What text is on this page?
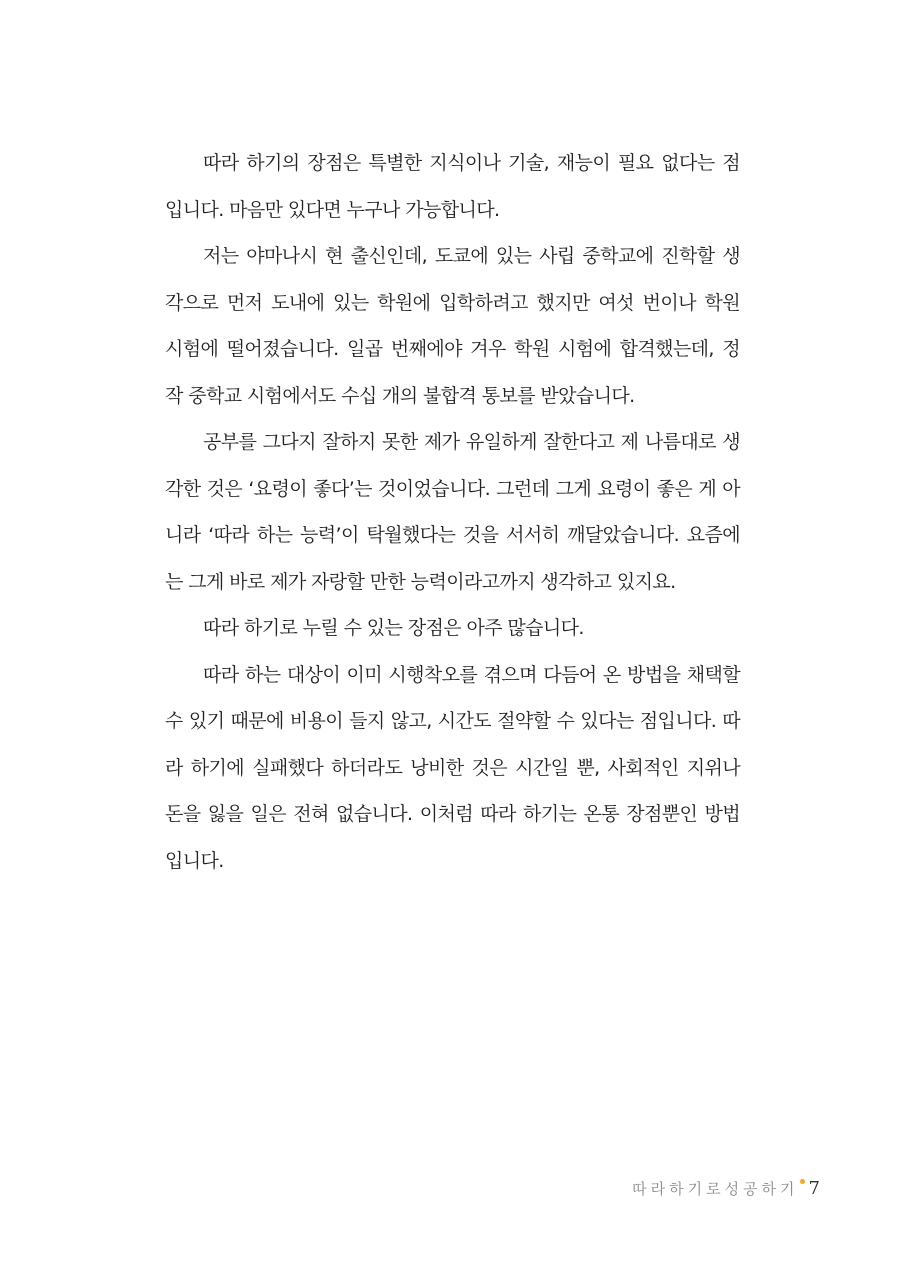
따라 하기의 장점은 특별한 지식이나 기술, 재능이 필요 없다는 점
입니다. 마음만 있다면 누구나 가능합니다.

저는 야마나시 현 출신인데, 도쿄에 있는 사립 중학교에 진학할 생
각으로 먼저 도내에 있는 학원에 입학하려고 했지만 여섯 번이나 학원
시험에 떨어졌습니다. 일곱 번째에야 겨우 학원 시험에 합격했는데, 정
작 중학교 시험에서도 수십 개의 불합격 통보를 받았습니다.

공부를 그다지 잘하지 못한 제가 유일하게 잘한다고 제 나름대로 생
각한 것은 ‘요령이 좋다’는 것이었습니다. 그런데 그게 요령이 좋은 게 아
니라 ‘따라 하는 능력’이 탁월했다는 것을 서서히 깨달았습니다. 요즘에
는 그게 바로 제가 자랑할 만한 능력이라고까지 생각하고 있지요.

따라 하기로 누릴 수 있는 장점은 아주 많습니다.

따라 하는 대상이 이미 시행착오를 겪으며 다듬어 온 방법을 채택할
수 있기 때문에 비용이 들지 않고, 시간도 절약할 수 있다는 점입니다. 따
라 하기에 실패했다 하더라도 낭비한 것은 시간일 뿐, 사회적인 지위나
돈을 잃을 일은 전혀 없습니다. 이처럼 따라 하기는 온통 장점뿐인 방법
입니다.

따라하기로성공하기 7
